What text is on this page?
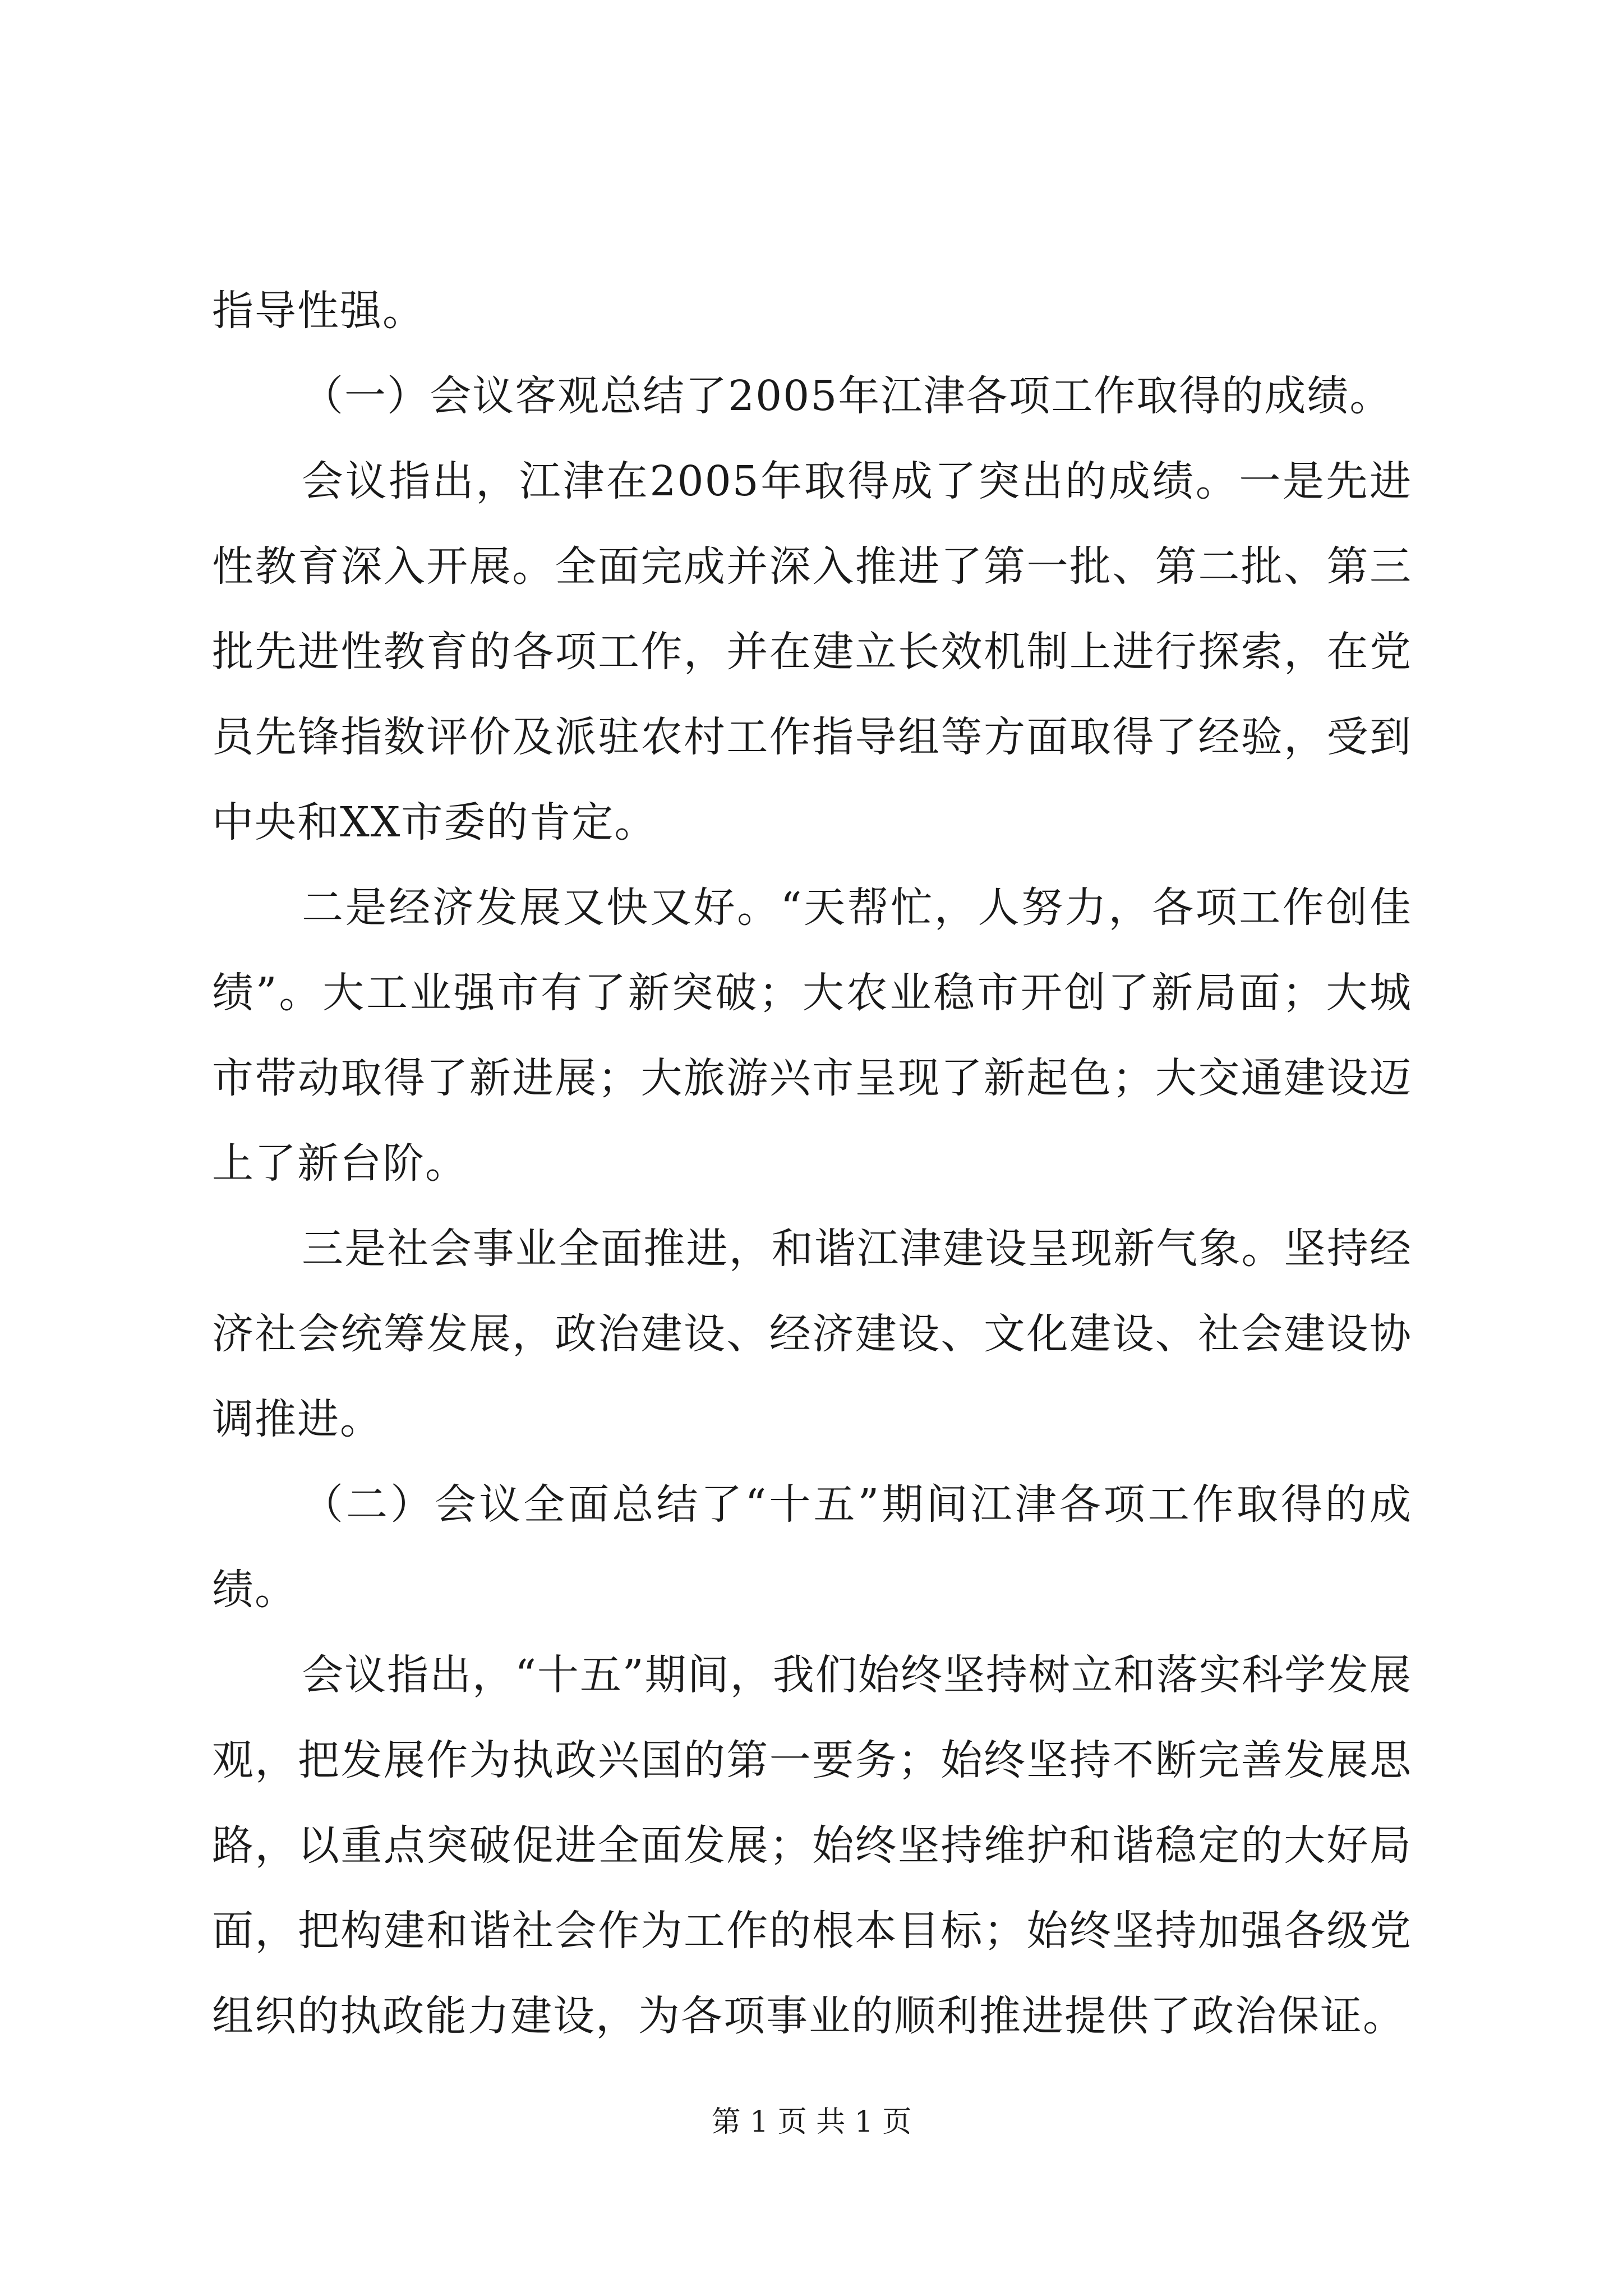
指导性强。

（一）会议客观总结了2005年江津各项工作取得的成绩。

会议指出，江津在2005年取得成了突出的成绩。一是先进性教育深入开展。全面完成并深入推进了第一批、第二批、第三批先进性教育的各项工作，并在建立长效机制上进行探索，在党员先锋指数评价及派驻农村工作指导组等方面取得了经验，受到中央和XX市委的肯定。

二是经济发展又快又好。“天帮忙，人努力，各项工作创佳绩”。大工业强市有了新突破；大农业稳市开创了新局面；大城市带动取得了新进展；大旅游兴市呈现了新起色；大交通建设迈上了新台阶。

三是社会事业全面推进，和谐江津建设呈现新气象。坚持经济社会统筹发展，政治建设、经济建设、文化建设、社会建设协调推进。

（二）会议全面总结了“十五”期间江津各项工作取得的成绩。

会议指出，“十五”期间，我们始终坚持树立和落实科学发展观，把发展作为执政兴国的第一要务；始终坚持不断完善发展思路，以重点突破促进全面发展；始终坚持维护和谐稳定的大好局面，把构建和谐社会作为工作的根本目标；始终坚持加强各级党组织的执政能力建设，为各项事业的顺利推进提供了政治保证。

第 1 页 共 1 页
